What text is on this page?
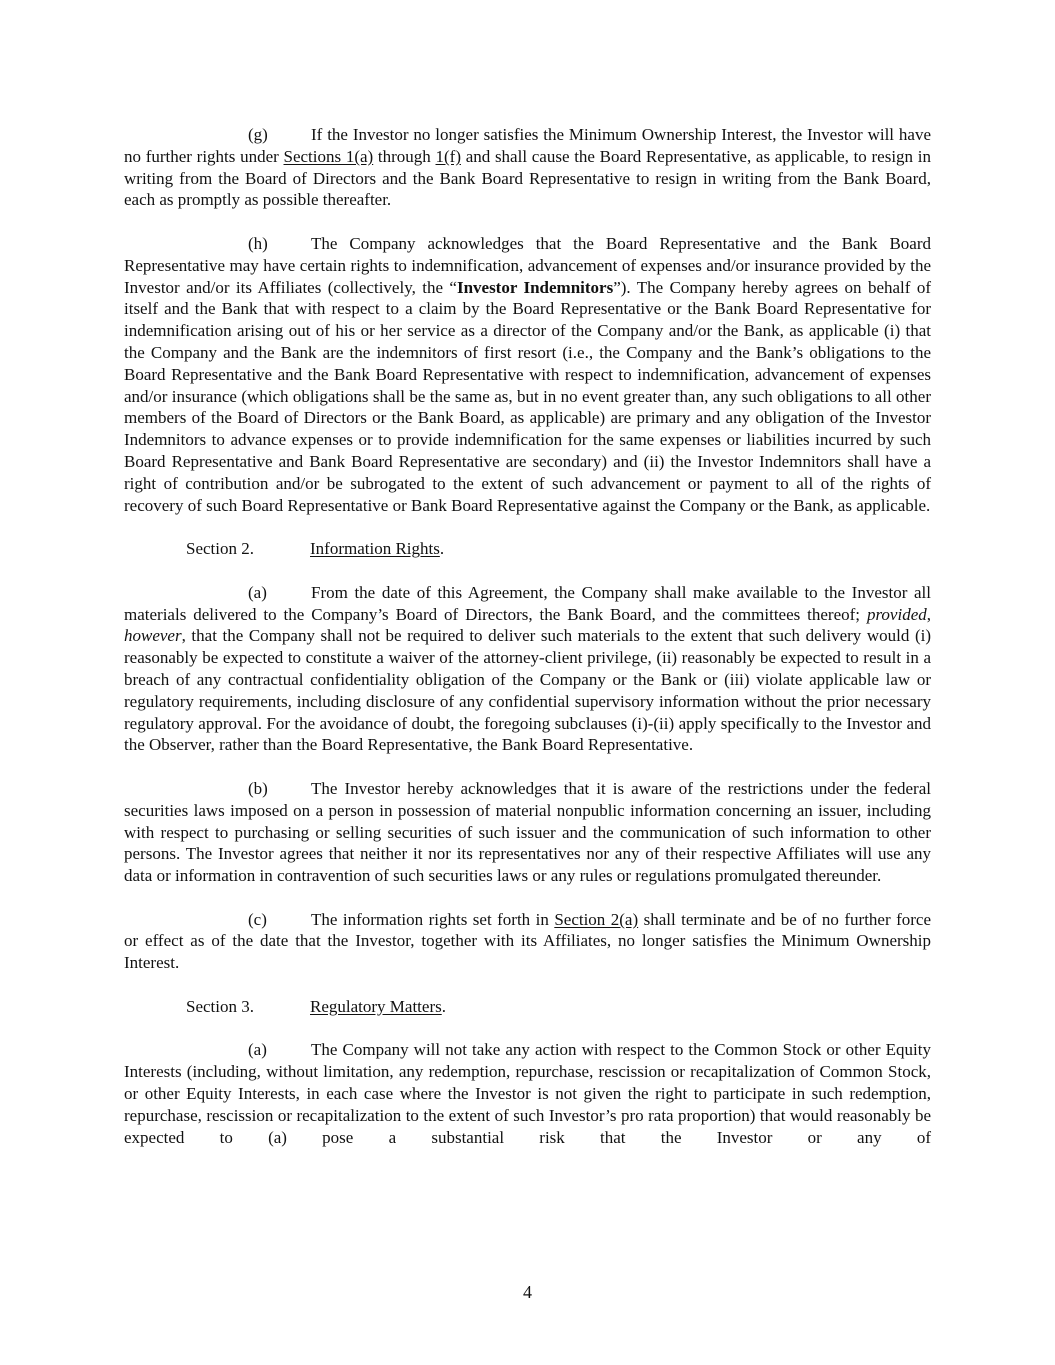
(g)	If the Investor no longer satisfies the Minimum Ownership Interest, the Investor will have no further rights under Sections 1(a) through 1(f) and shall cause the Board Representative, as applicable, to resign in writing from the Board of Directors and the Bank Board Representative to resign in writing from the Bank Board, each as promptly as possible thereafter.

(h)	The Company acknowledges that the Board Representative and the Bank Board Representative may have certain rights to indemnification, advancement of expenses and/or insurance provided by the Investor and/or its Affiliates (collectively, the “Investor Indemnitors”). The Company hereby agrees on behalf of itself and the Bank that with respect to a claim by the Board Representative or the Bank Board Representative for indemnification arising out of his or her service as a director of the Company and/or the Bank, as applicable (i) that the Company and the Bank are the indemnitors of first resort (i.e., the Company and the Bank’s obligations to the Board Representative and the Bank Board Representative with respect to indemnification, advancement of expenses and/or insurance (which obligations shall be the same as, but in no event greater than, any such obligations to all other members of the Board of Directors or the Bank Board, as applicable) are primary and any obligation of the Investor Indemnitors to advance expenses or to provide indemnification for the same expenses or liabilities incurred by such Board Representative and Bank Board Representative are secondary) and (ii) the Investor Indemnitors shall have a right of contribution and/or be subrogated to the extent of such advancement or payment to all of the rights of recovery of such Board Representative or Bank Board Representative against the Company or the Bank, as applicable.

Section 2.	Information Rights.

(a)	From the date of this Agreement, the Company shall make available to the Investor all materials delivered to the Company’s Board of Directors, the Bank Board, and the committees thereof; provided, however, that the Company shall not be required to deliver such materials to the extent that such delivery would (i) reasonably be expected to constitute a waiver of the attorney-client privilege, (ii) reasonably be expected to result in a breach of any contractual confidentiality obligation of the Company or the Bank or (iii) violate applicable law or regulatory requirements, including disclosure of any confidential supervisory information without the prior necessary regulatory approval. For the avoidance of doubt, the foregoing subclauses (i)-(ii) apply specifically to the Investor and the Observer, rather than the Board Representative, the Bank Board Representative.

(b)	The Investor hereby acknowledges that it is aware of the restrictions under the federal securities laws imposed on a person in possession of material nonpublic information concerning an issuer, including with respect to purchasing or selling securities of such issuer and the communication of such information to other persons. The Investor agrees that neither it nor its representatives nor any of their respective Affiliates will use any data or information in contravention of such securities laws or any rules or regulations promulgated thereunder.

(c)	The information rights set forth in Section 2(a) shall terminate and be of no further force or effect as of the date that the Investor, together with its Affiliates, no longer satisfies the Minimum Ownership Interest.

Section 3.	Regulatory Matters.

(a)	The Company will not take any action with respect to the Common Stock or other Equity Interests (including, without limitation, any redemption, repurchase, rescission or recapitalization of Common Stock, or other Equity Interests, in each case where the Investor is not given the right to participate in such redemption, repurchase, rescission or recapitalization to the extent of such Investor’s pro rata proportion) that would reasonably be expected to (a) pose a substantial risk that the Investor or any of

4
